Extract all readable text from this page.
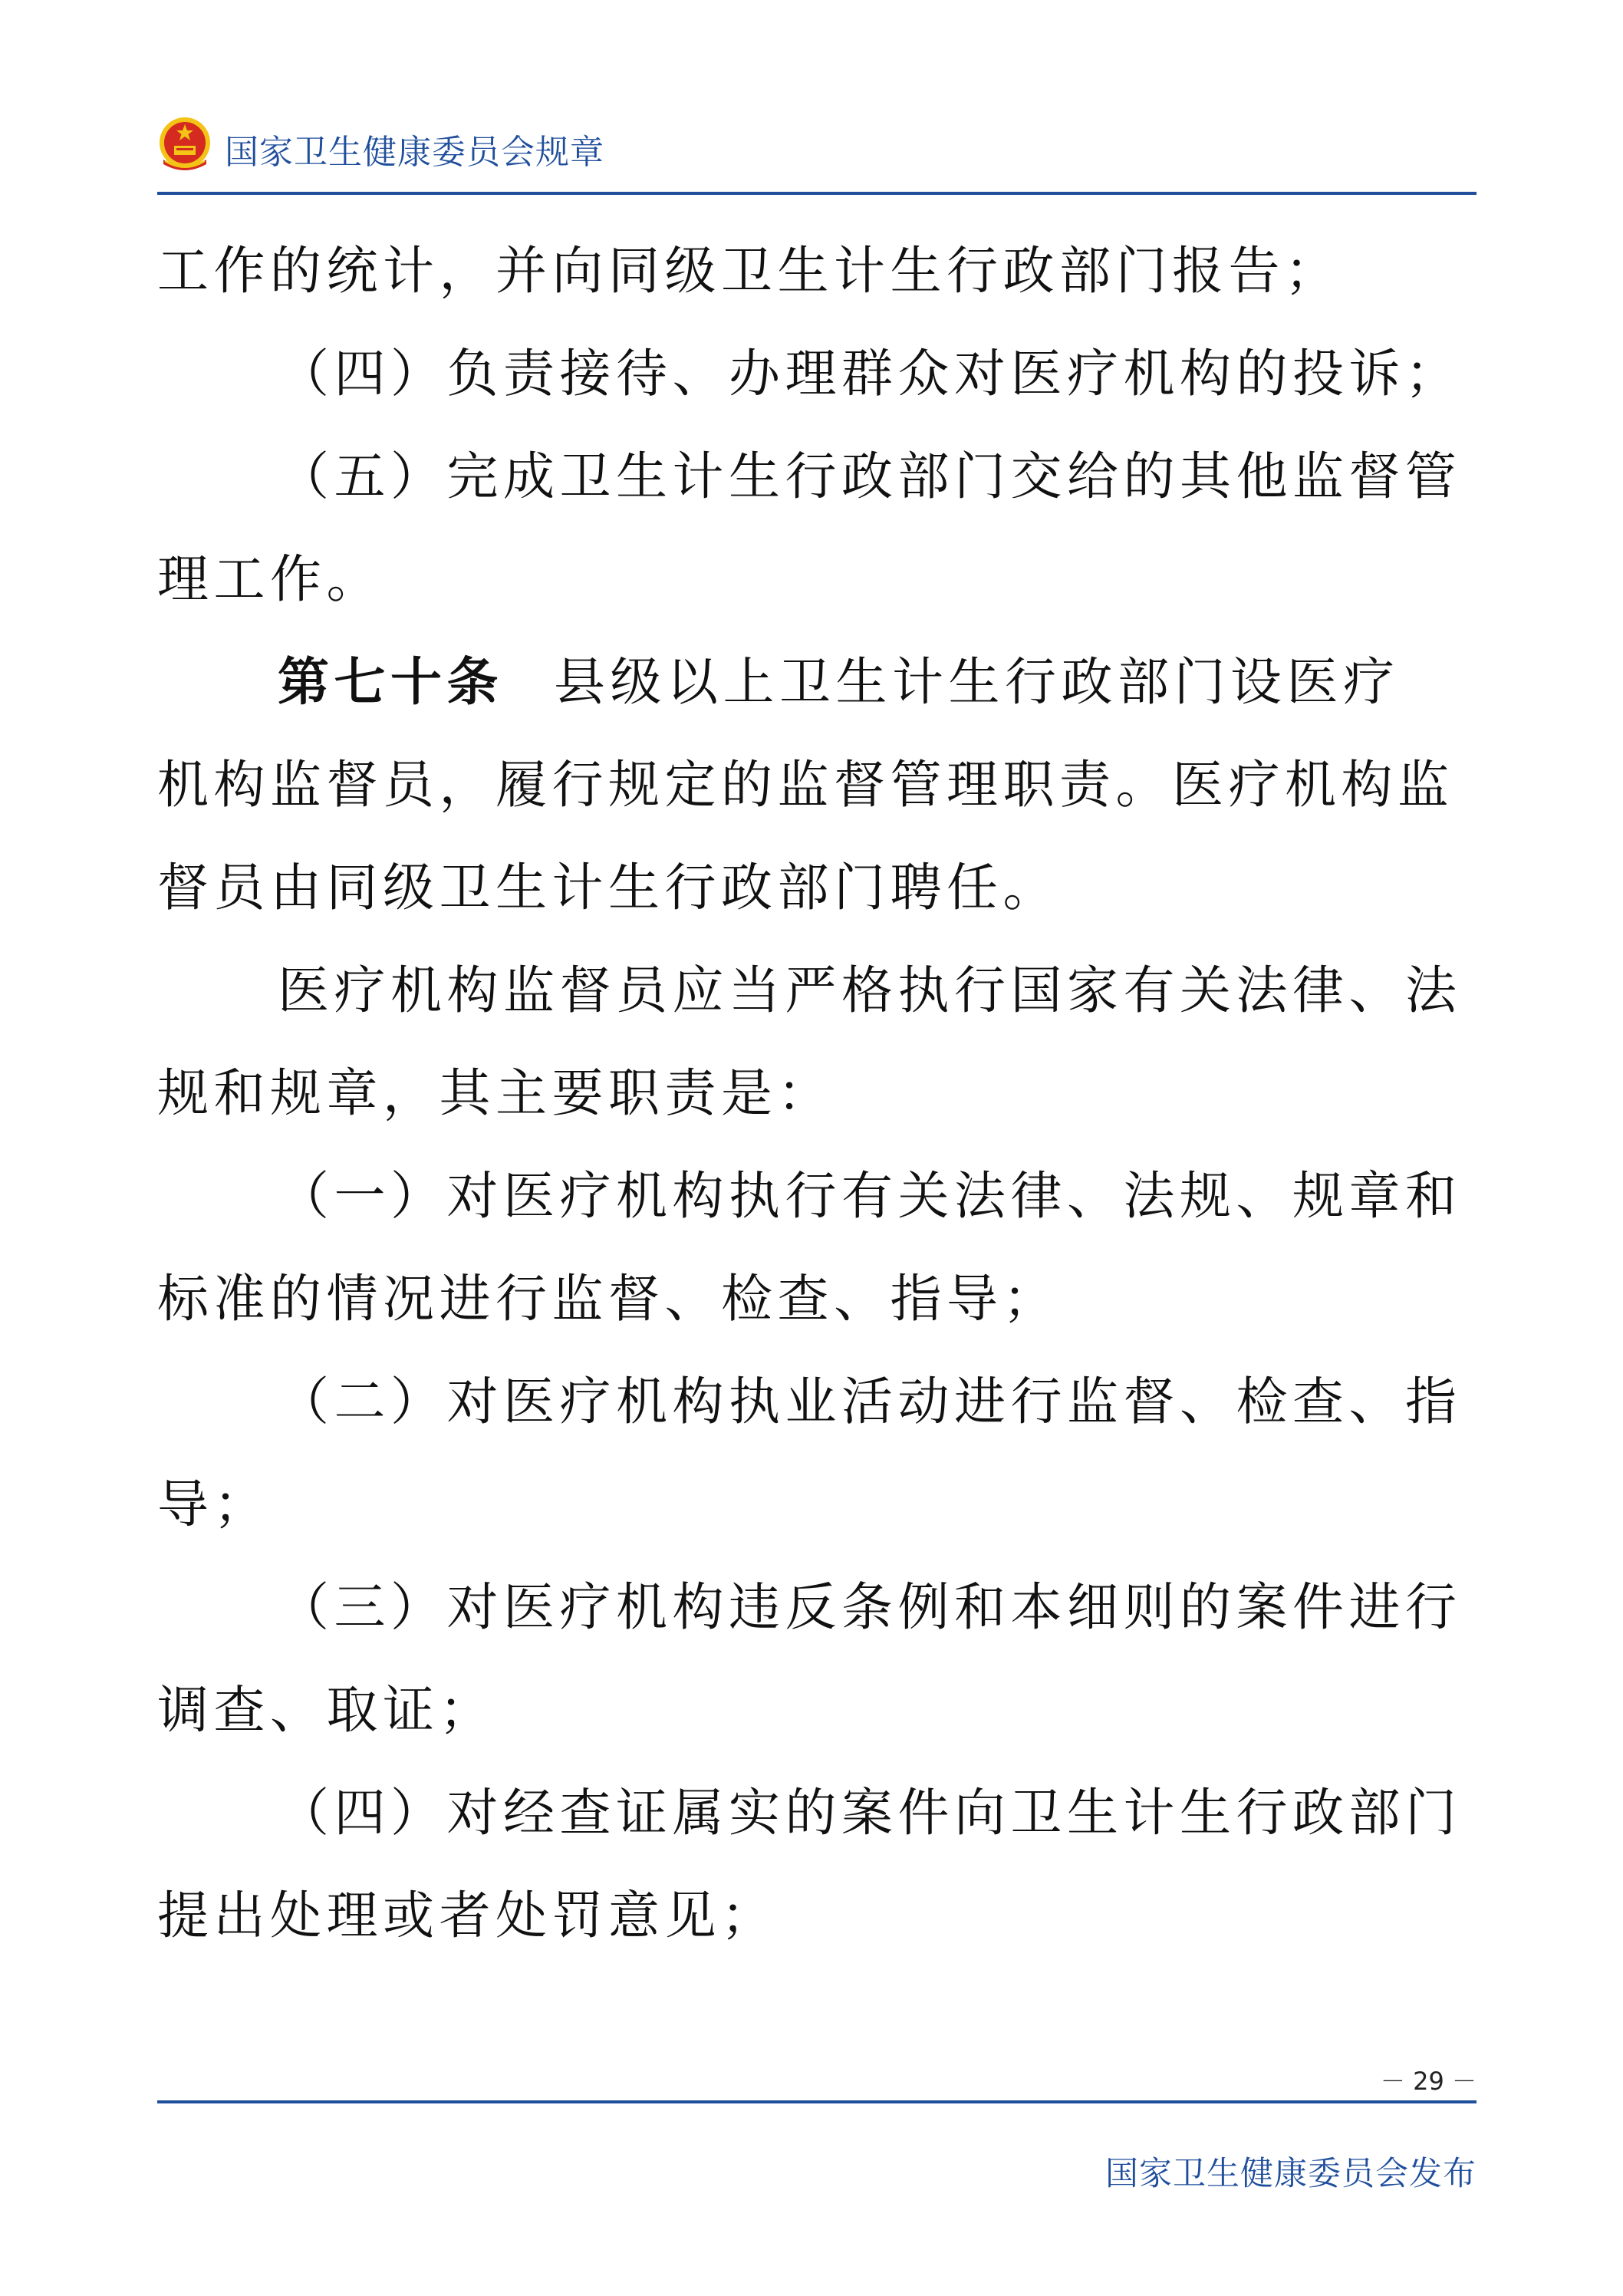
国家卫生健康委员会规章
工作的统计，并向同级卫生计生行政部门报告；
（四）负责接待、办理群众对医疗机构的投诉；
（五）完成卫生计生行政部门交给的其他监督管
理工作。
第七十条 县级以上卫生计生行政部门设医疗
机构监督员，履行规定的监督管理职责。医疗机构监
督员由同级卫生计生行政部门聘任。
医疗机构监督员应当严格执行国家有关法律、法
规和规章，其主要职责是：
（一）对医疗机构执行有关法律、法规、规章和
标准的情况进行监督、检查、指导；
（二）对医疗机构执业活动进行监督、检查、指
导；
（三）对医疗机构违反条例和本细则的案件进行
调查、取证；
（四）对经查证属实的案件向卫生计生行政部门
提出处理或者处罚意见；
－ 29 －
国家卫生健康委员会发布
